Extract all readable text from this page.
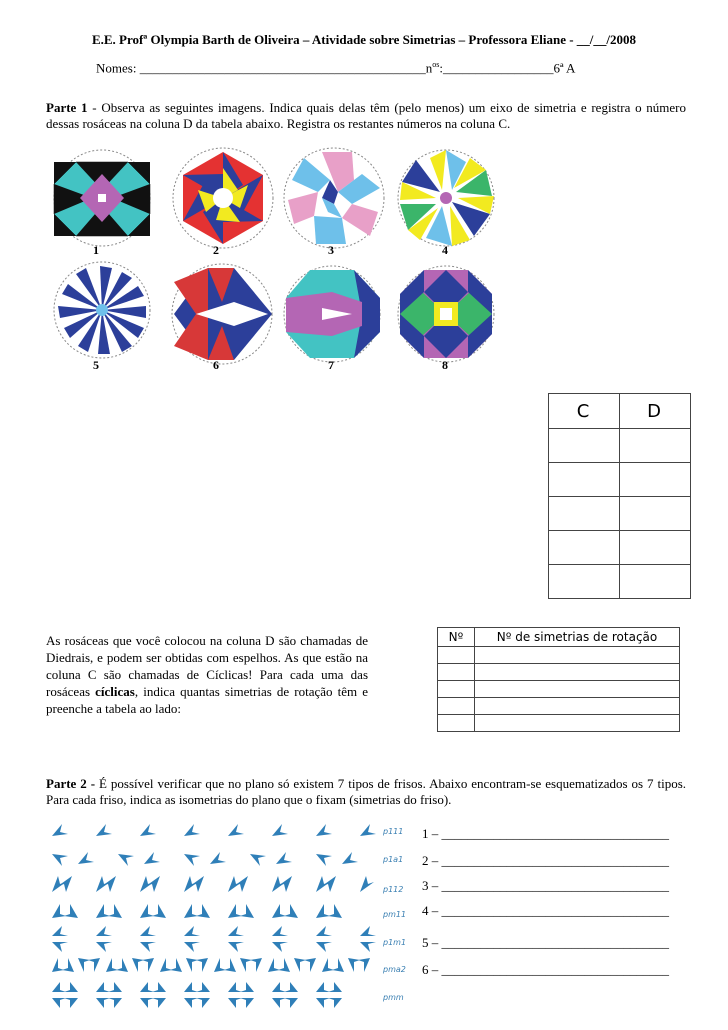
E.E. Profª Olympia Barth de Oliveira – Atividade sobre Simetrias – Professora Eliane - __/__/2008
Nomes: $\_\_\_\_\_\_\_\_\_\_\_\_\_\_\_\_\_\_\_\_\_\_\_\_\_\_\_\_\_\_\_\_\_\_\_\_\_\_\_\_\_\_\_\_n^{os}:\_\_\_\_\_\_\_\_\_\_\_\_\_\_\_\_\_6ª$ A
Parte 1 - Observa as seguintes imagens. Indica quais delas têm (pelo menos) um eixo de simetria e registra o número dessas rosáceas na coluna D da tabela abaixo. Registra os restantes números na coluna C.
1	2	3	4
5	6	7	8
C	D

As rosáceas que você colocou na coluna D são chamadas de Diedrais, e podem ser obtidas com espelhos. As que estão na coluna C são chamadas de Cíclicas! Para cada uma das rosáceas cíclicas, indica quantas simetrias de rotação têm e preenche a tabela ao lado:
Nº	Nº de simetrias de rotação

Parte 2 - É possível verificar que no plano só existem 7 tipos de frisos. Abaixo encontram-se esquematizados os 7 tipos. Para cada friso, indica as isometrias do plano que o fixam (simetrias do friso).
p111
p1a1
p112
pm11
p1m1
pma2
pmm
1 – ___________________________________
2 – ___________________________________
3 – ___________________________________
4 – ___________________________________
5 – ___________________________________
6 – ___________________________________
